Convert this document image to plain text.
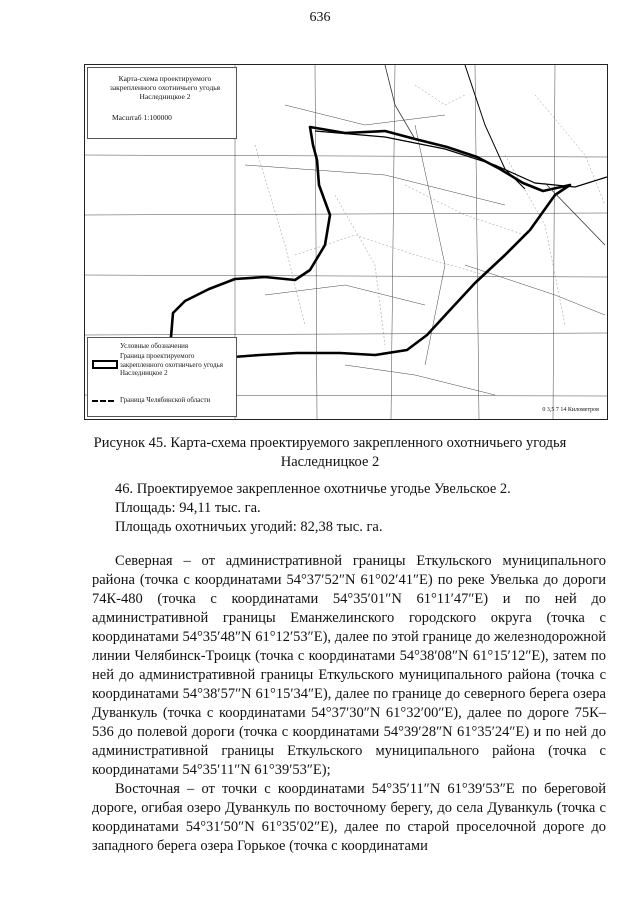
636
Карта-схема проектируемого закрепленного охотничьего угодья Наследницкое 2
Масштаб 1:100000
Условные обозначения
Граница проектируемого закрепленного охотничьего угодья Наследницкое 2
Граница Челябинской области
0 3,5 7 14 Километров
Рисунок 45. Карта-схема проектируемого закрепленного охотничьего угодья Наследницкое 2

46. Проектируемое закрепленное охотничье угодье Увельское 2.

Площадь: 94,11 тыс. га.

Площадь охотничьих угодий: 82,38 тыс. га.

Северная – от административной границы Еткульского муниципального района (точка с координатами 54°37′52″N 61°02′41″E) по реке Увелька до дороги 74К-480 (точка с координатами 54°35′01″N 61°11′47″E) и по ней до административной границы Еманжелинского городского округа (точка с координатами 54°35′48″N 61°12′53″E), далее по этой границе до железнодорожной линии Челябинск-Троицк (точка с координатами 54°38′08″N 61°15′12″E), затем по ней до административной границы Еткульского муниципального района (точка с координатами 54°38′57″N 61°15′34″E), далее по границе до северного берега озера Дуванкуль (точка с координатами 54°37′30″N 61°32′00″E), далее по дороге 75К–536 до полевой дороги (точка с координатами 54°39′28″N 61°35′24″E) и по ней до административной границы Еткульского муниципального района (точка с координатами 54°35′11″N 61°39′53″E);

Восточная – от точки с координатами 54°35′11″N 61°39′53″E по береговой дороге, огибая озеро Дуванкуль по восточному берегу, до села Дуванкуль (точка с координатами 54°31′50″N 61°35′02″E), далее по старой проселочной дороге до западного берега озера Горькое (точка с координатами
